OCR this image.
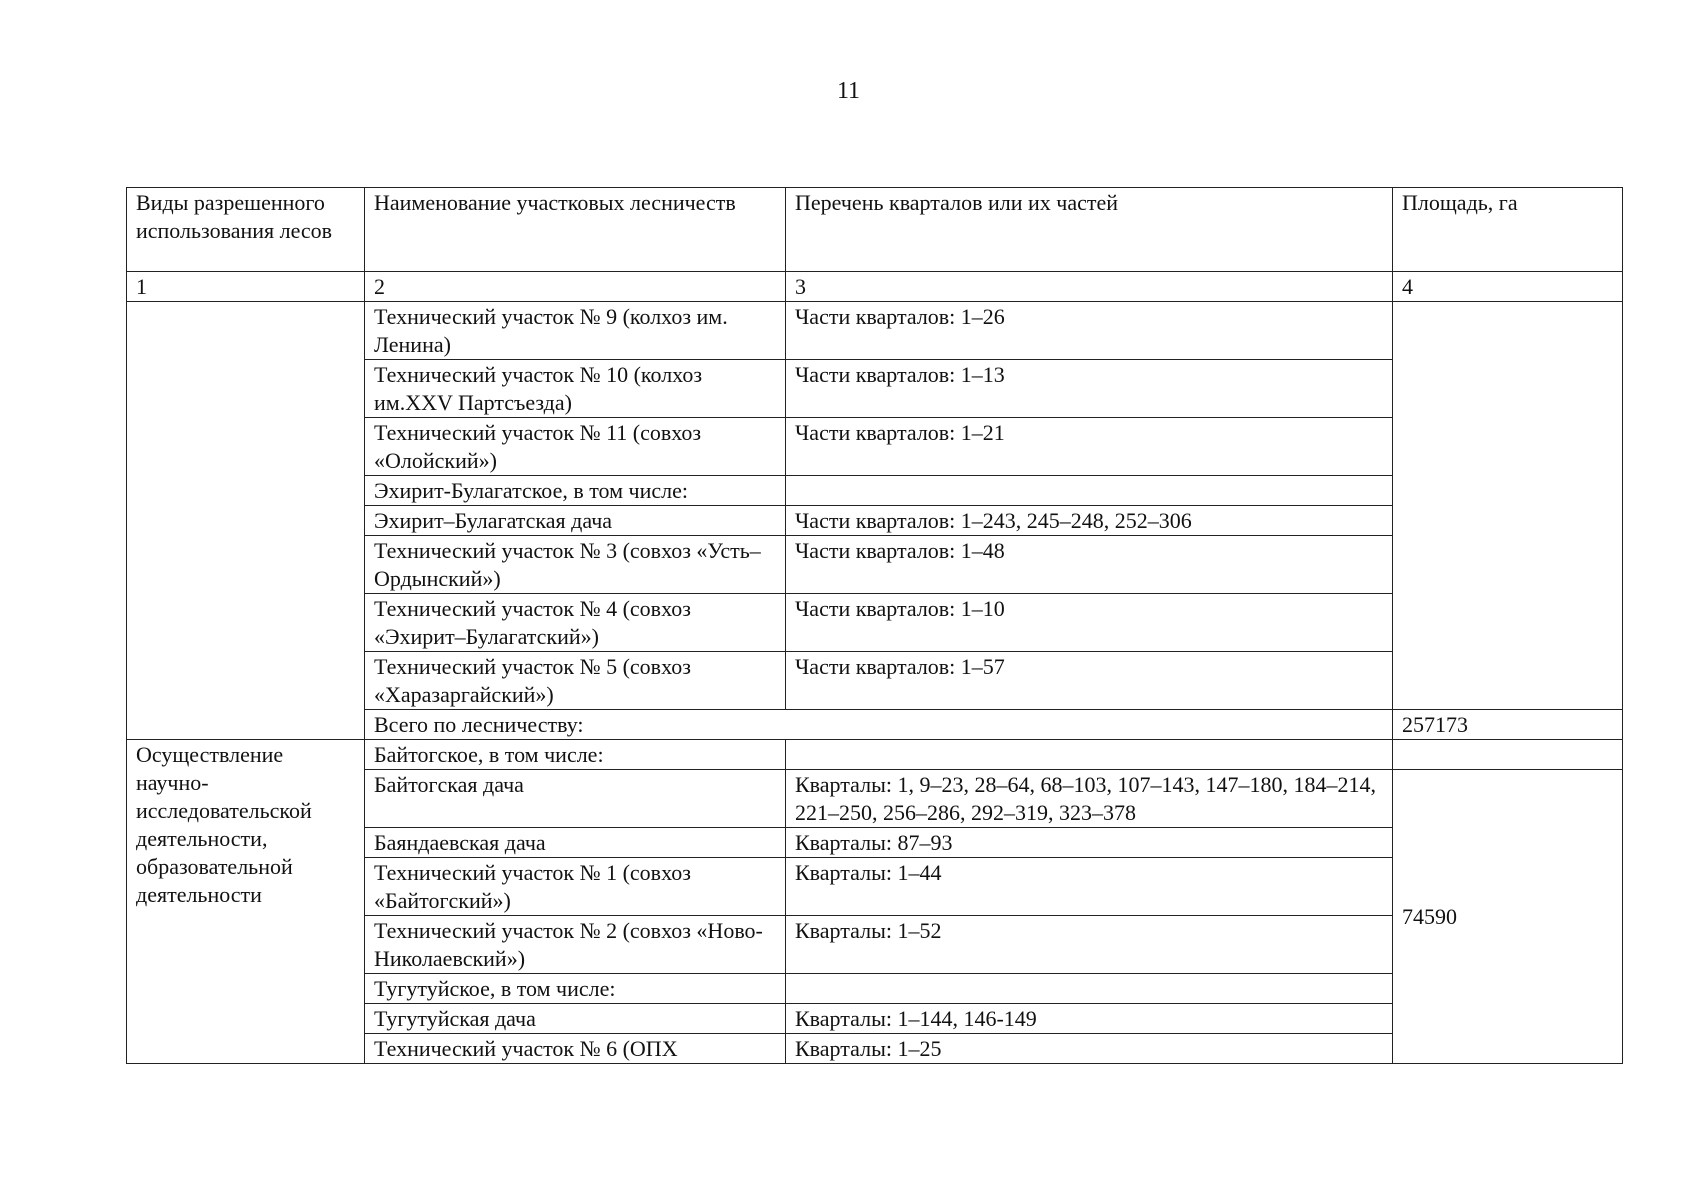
11
Виды разрешенного использования лесов	Наименование участковых лесничеств	Перечень кварталов или их частей	Площадь, га
1	2	3	4
	Технический участок № 9 (колхоз им. Ленина)	Части кварталов: 1–26	
	Технический участок № 10 (колхоз им.XXV Партсъезда)	Части кварталов: 1–13	
	Технический участок № 11 (совхоз «Олойский»)	Части кварталов: 1–21	
	Эхирит-Булагатское, в том числе:		
	Эхирит–Булагатская дача	Части кварталов: 1–243, 245–248, 252–306	
	Технический участок № 3 (совхоз «Усть–Ордынский»)	Части кварталов: 1–48	
	Технический участок № 4 (совхоз «Эхирит–Булагатский»)	Части кварталов: 1–10	
	Технический участок № 5 (совхоз «Харазаргайский»)	Части кварталов: 1–57	
	Всего по лесничеству:		257173
Осуществление научно-исследовательской деятельности, образовательной деятельности	Байтогское, в том числе:		
	Байтогская дача	Кварталы: 1, 9–23, 28–64, 68–103, 107–143, 147–180, 184–214, 221–250, 256–286, 292–319, 323–378	74590
	Баяндаевская дача	Кварталы: 87–93	
	Технический участок № 1 (совхоз «Байтогский»)	Кварталы: 1–44	
	Технический участок № 2 (совхоз «Ново-Николаевский»)	Кварталы: 1–52	
	Тугутуйское, в том числе:		
	Тугутуйская дача	Кварталы: 1–144, 146-149	
	Технический участок № 6 (ОПХ	Кварталы: 1–25	
